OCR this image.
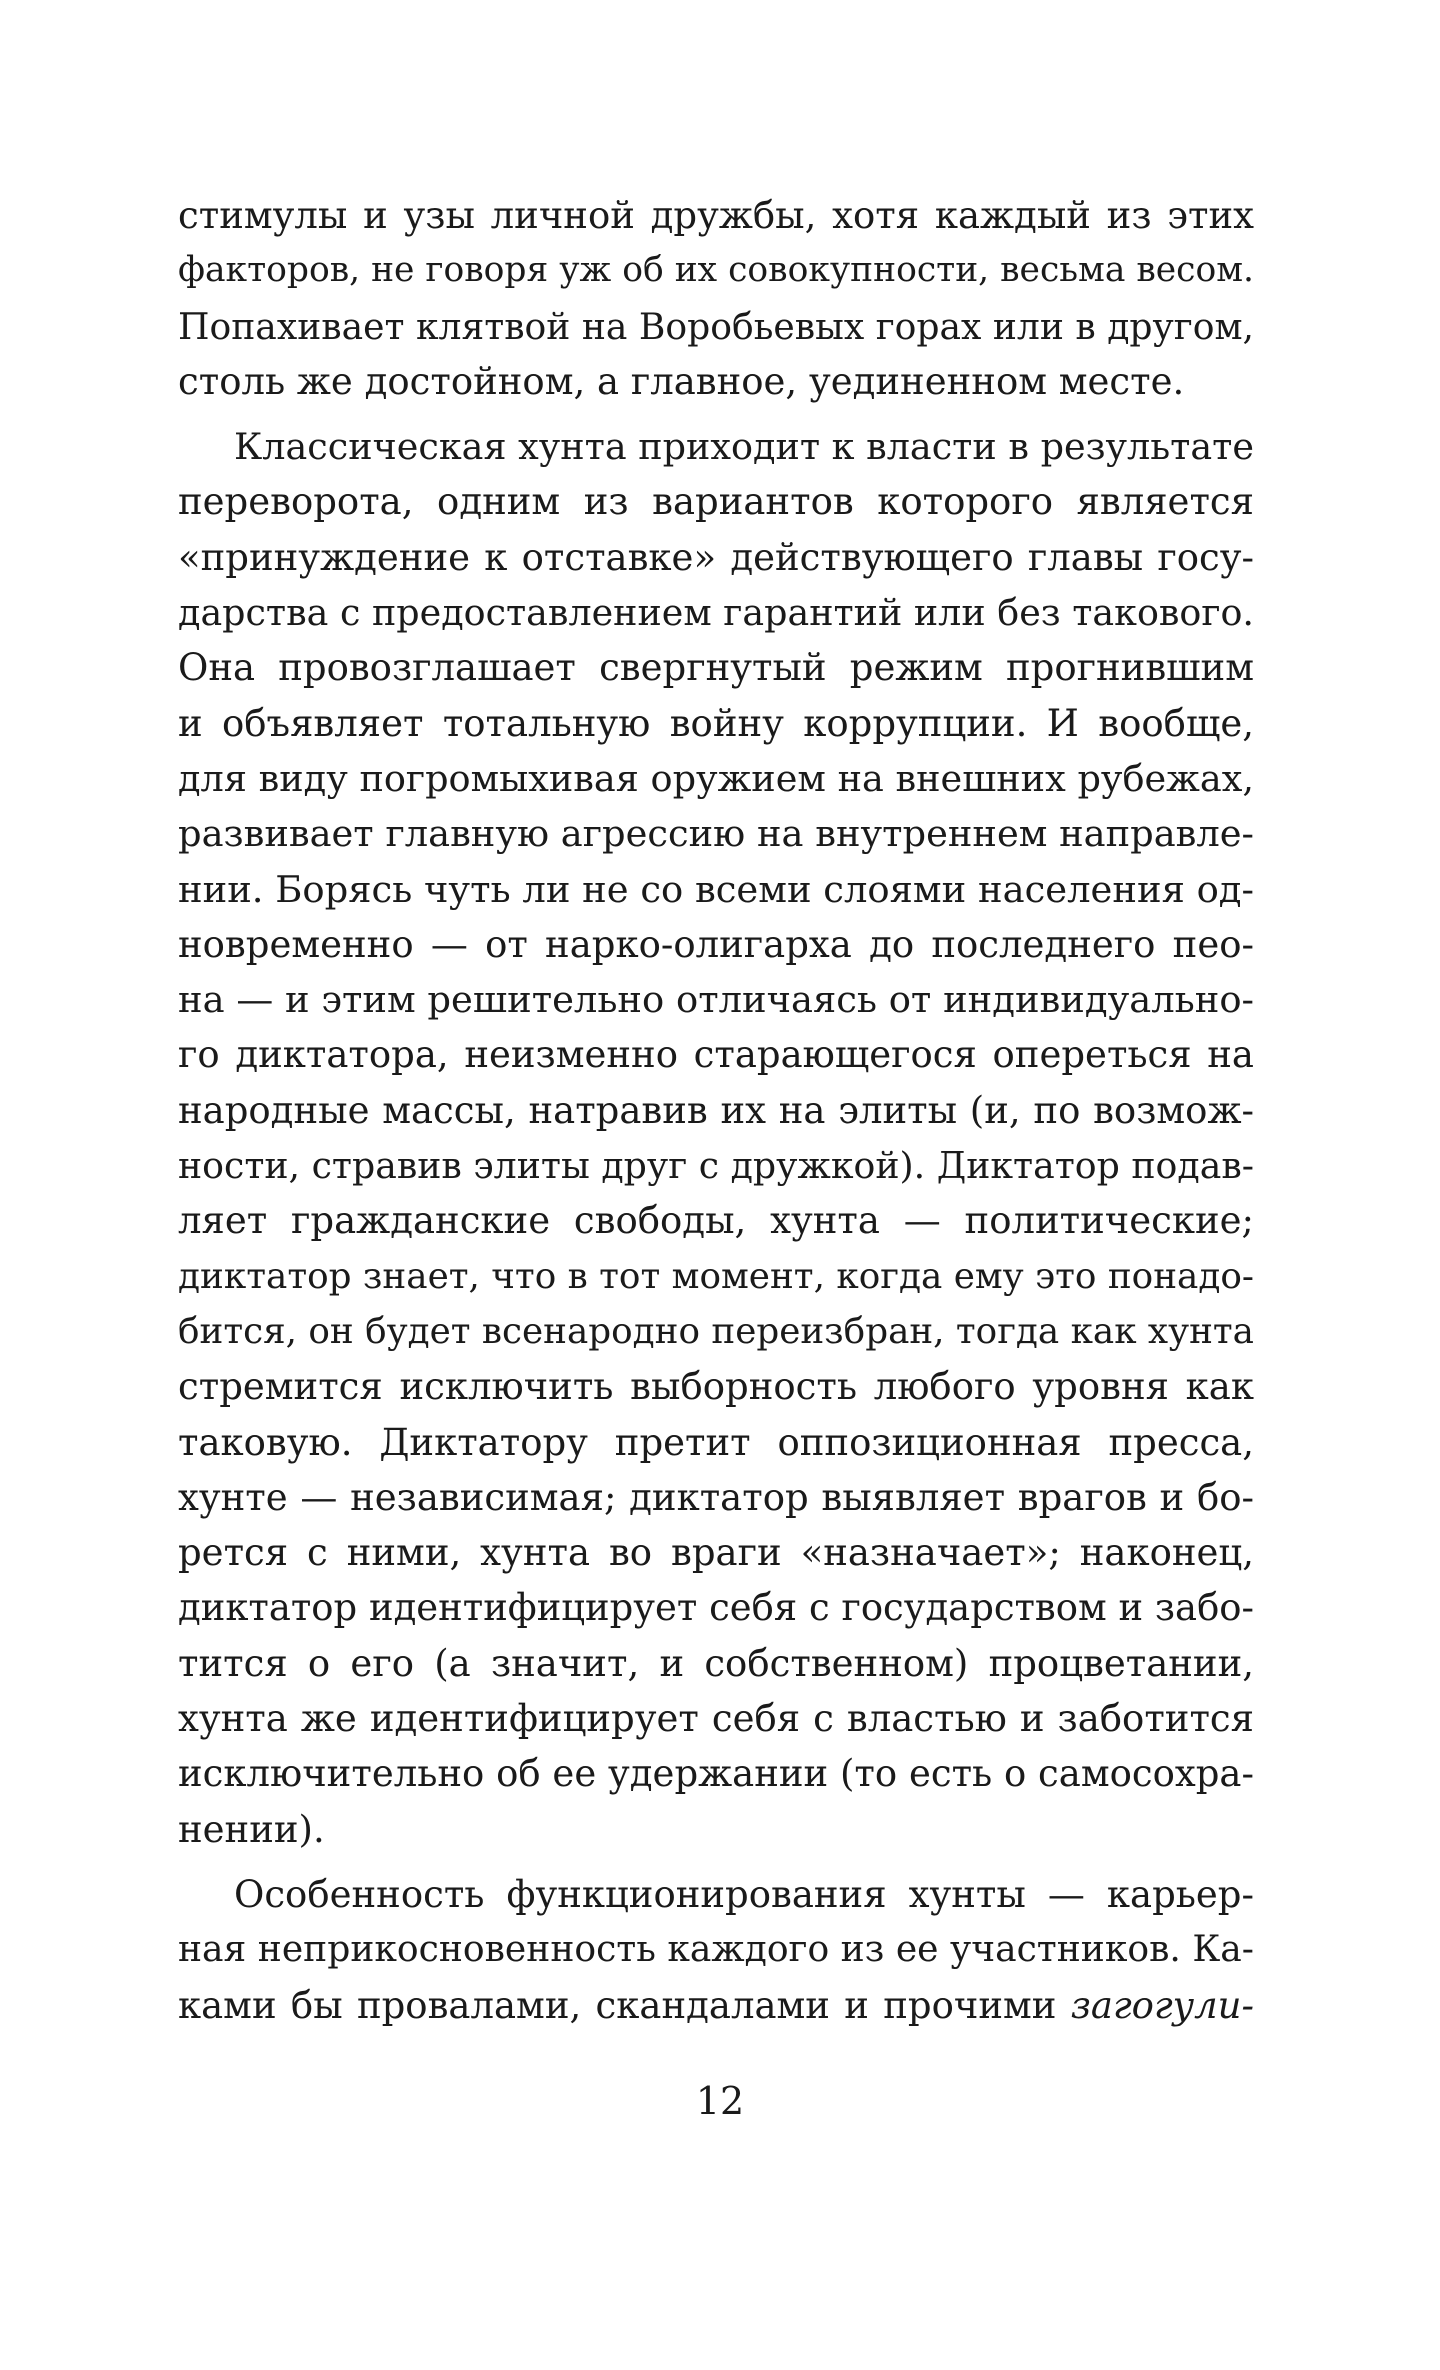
стимулы и узы личной дружбы, хотя каждый из этих
факторов, не говоря уж об их совокупности, весьма весом.
Попахивает клятвой на Воробьевых горах или в другом,
столь же достойном, а главное, уединенном месте.
Классическая хунта приходит к власти в результате
переворота, одним из вариантов которого является
«принуждение к отставке» действующего главы госу-
дарства с предоставлением гарантий или без такового.
Она провозглашает свергнутый режим прогнившим
и объявляет тотальную войну коррупции. И вообще,
для виду погромыхивая оружием на внешних рубежах,
развивает главную агрессию на внутреннем направле-
нии. Борясь чуть ли не со всеми слоями населения од-
новременно — от нарко-олигарха до последнего пео-
на — и этим решительно отличаясь от индивидуально-
го диктатора, неизменно старающегося опереться на
народные массы, натравив их на элиты (и, по возмож-
ности, стравив элиты друг с дружкой). Диктатор подав-
ляет гражданские свободы, хунта — политические;
диктатор знает, что в тот момент, когда ему это понадо-
бится, он будет всенародно переизбран, тогда как хунта
стремится исключить выборность любого уровня как
таковую. Диктатору претит оппозиционная пресса,
хунте — независимая; диктатор выявляет врагов и бо-
рется с ними, хунта во враги «назначает»; наконец,
диктатор идентифицирует себя с государством и забо-
тится о его (а значит, и собственном) процветании,
хунта же идентифицирует себя с властью и заботится
исключительно об ее удержании (то есть о самосохра-
нении).
Особенность функционирования хунты — карьер-
ная неприкосновенность каждого из ее участников. Ка-
ками бы провалами, скандалами и прочими загогули-
12
